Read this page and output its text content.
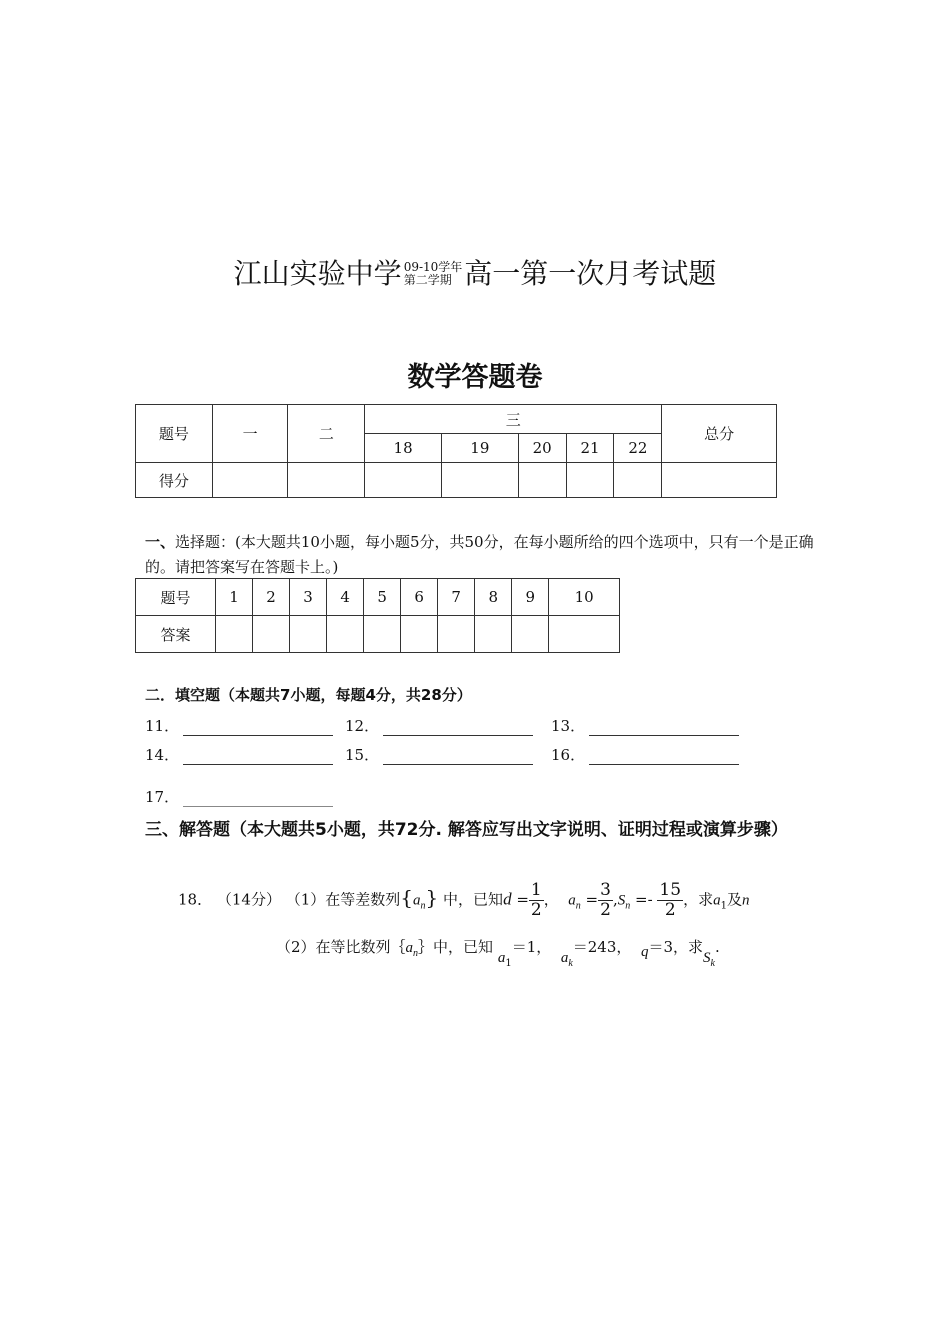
江山实验中学 09-10学年
第二学期 高一第一次月考试题
数学答题卷
题号	一	二	三					总分
			18	19	20	21	22	
得分								
一、选择题：(本大题共10小题，每小题5分，共50分，在每小题所给的四个选项中，只有一个是正确的。请把答案写在答题卡上。)
题号	1	2	3	4	5	6	7	8	9	10
答案										
二．填空题（本题共7小题，每题4分，共28分）
11．	12．	13．
14．	15．	16．
17．
三、解答题（本大题共5小题，共72分. 解答应写出文字说明、证明过程或演算步骤）
18． （14分） （1）在等差数列$\{a_n\}$ 中，已知$d = \frac{1}{2}$ ，  $a_n = \frac{3}{2} ,S_n =- \frac{15}{2}$ ，求$a_1$及n
（2）在等比数列$\{a_n\}$中，已知 $a_1=1$，  $a_k=243$， q＝3，求$S_k$.
